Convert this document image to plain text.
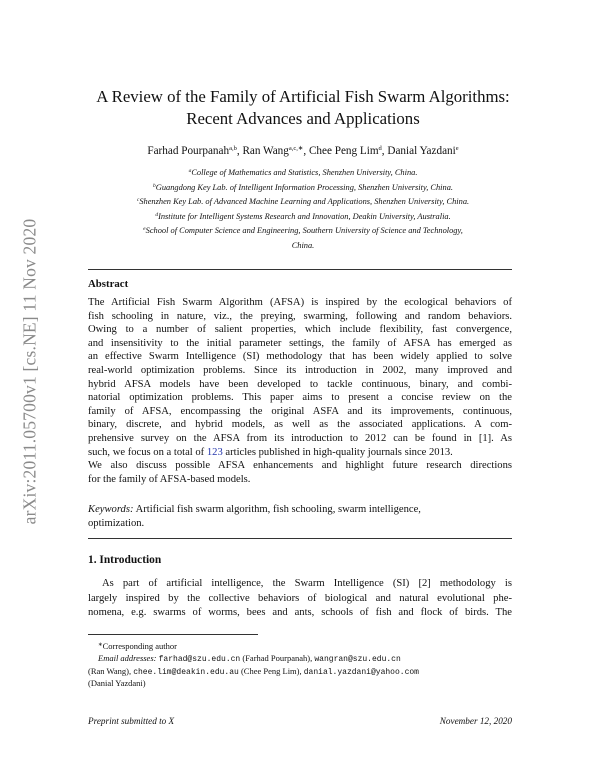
arXiv:2011.05700v1 [cs.NE] 11 Nov 2020
A Review of the Family of Artificial Fish Swarm Algorithms:
Recent Advances and Applications
Farhad Pourpanah$^{a,b}$, Ran Wang$^{a,c,∗}$, Chee Peng Lim$^d$, Danial Yazdani$^e$
$^a$College of Mathematics and Statistics, Shenzhen University, China.
$^b$Guangdong Key Lab. of Intelligent Information Processing, Shenzhen University, China.
$^c$Shenzhen Key Lab. of Advanced Machine Learning and Applications, Shenzhen University, China.
$^d$Institute for Intelligent Systems Research and Innovation, Deakin University, Australia.
$^e$School of Computer Science and Engineering, Southern University of Science and Technology,
China.
Abstract
The Artificial Fish Swarm Algorithm (AFSA) is inspired by the ecological behaviors of
fish schooling in nature, viz., the preying, swarming, following and random behaviors.
Owing to a number of salient properties, which include flexibility, fast convergence,
and insensitivity to the initial parameter settings, the family of AFSA has emerged as
an effective Swarm Intelligence (SI) methodology that has been widely applied to solve
real-world optimization problems. Since its introduction in 2002, many improved and
hybrid AFSA models have been developed to tackle continuous, binary, and combi-
natorial optimization problems. This paper aims to present a concise review on the
family of AFSA, encompassing the original ASFA and its improvements, continuous,
binary, discrete, and hybrid models, as well as the associated applications. A com-
prehensive survey on the AFSA from its introduction to 2012 can be found in [1]. As
such, we focus on a total of 123 articles published in high-quality journals since 2013.
We also discuss possible AFSA enhancements and highlight future research directions
for the family of AFSA-based models.
Keywords: Artificial fish swarm algorithm, fish schooling, swarm intelligence,
optimization.
1. Introduction
As part of artificial intelligence, the Swarm Intelligence (SI) [2] methodology is
largely inspired by the collective behaviors of biological and natural evolutional phe-
nomena, e.g. swarms of worms, bees and ants, schools of fish and flock of birds. The
∗Corresponding author
Email addresses: farhad@szu.edu.cn (Farhad Pourpanah), wangran@szu.edu.cn
(Ran Wang), chee.lim@deakin.edu.au (Chee Peng Lim), danial.yazdani@yahoo.com
(Danial Yazdani)
Preprint submitted to X	November 12, 2020
